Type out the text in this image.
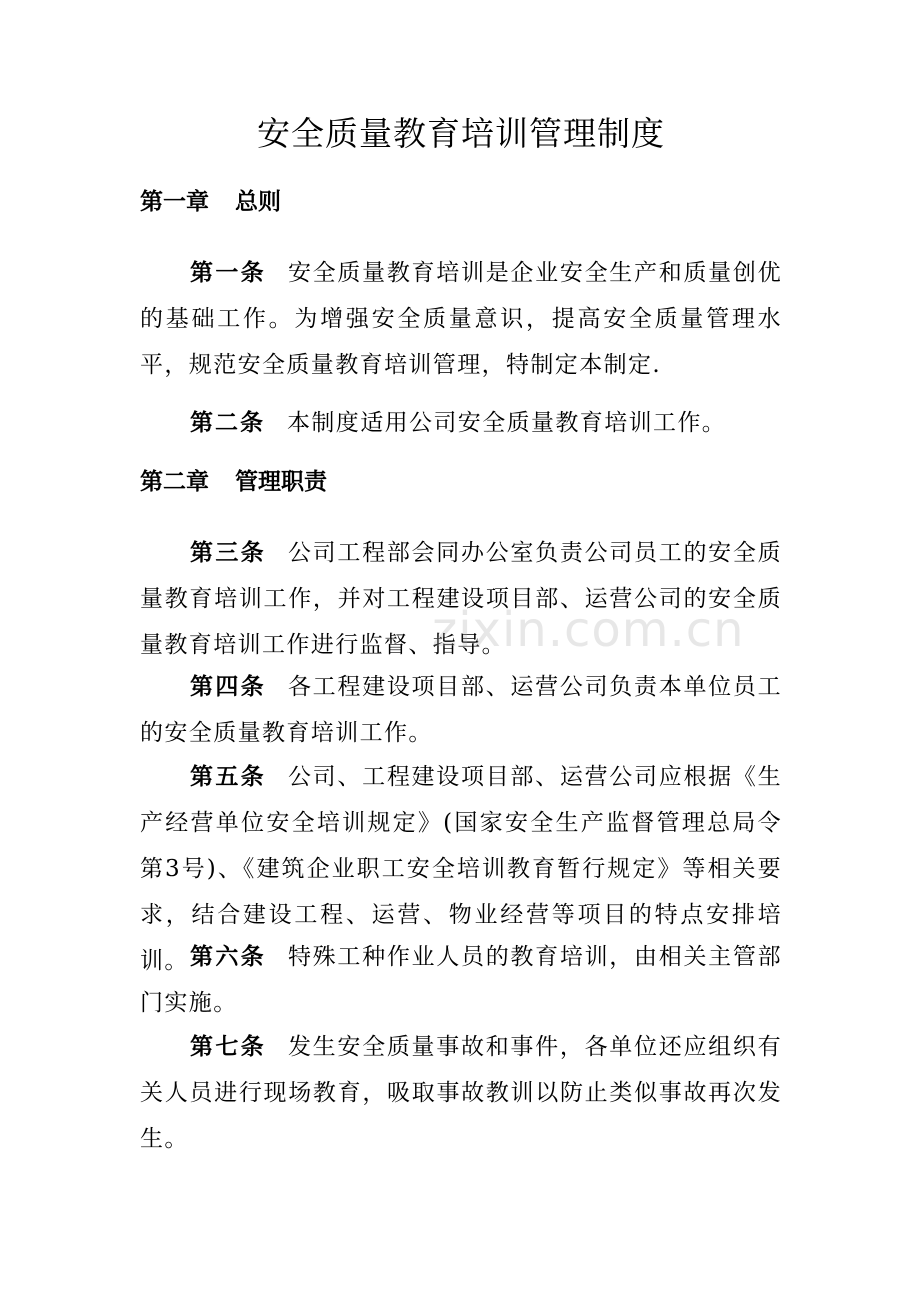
安全质量教育培训管理制度
第一章 总则

第一条 安全质量教育培训是企业安全生产和质量创优的基础工作。为增强安全质量意识，提高安全质量管理水平，规范安全质量教育培训管理，特制定本制定.

第二条 本制度适用公司安全质量教育培训工作。

第二章 管理职责

第三条 公司工程部会同办公室负责公司员工的安全质量教育培训工作，并对工程建设项目部、运营公司的安全质量教育培训工作进行监督、指导。

第四条 各工程建设项目部、运营公司负责本单位员工的安全质量教育培训工作。

第五条 公司、工程建设项目部、运营公司应根据《生产经营单位安全培训规定》(国家安全生产监督管理总局令第3号)、《建筑企业职工安全培训教育暂行规定》等相关要求，结合建设工程、运营、物业经营等项目的特点安排培训。 第六条 特殊工种作业人员的教育培训，由相关主管部门实施。

第七条 发生安全质量事故和事件，各单位还应组织有关人员进行现场教育，吸取事故教训以防止类似事故再次发生。

zixin.com.cn
